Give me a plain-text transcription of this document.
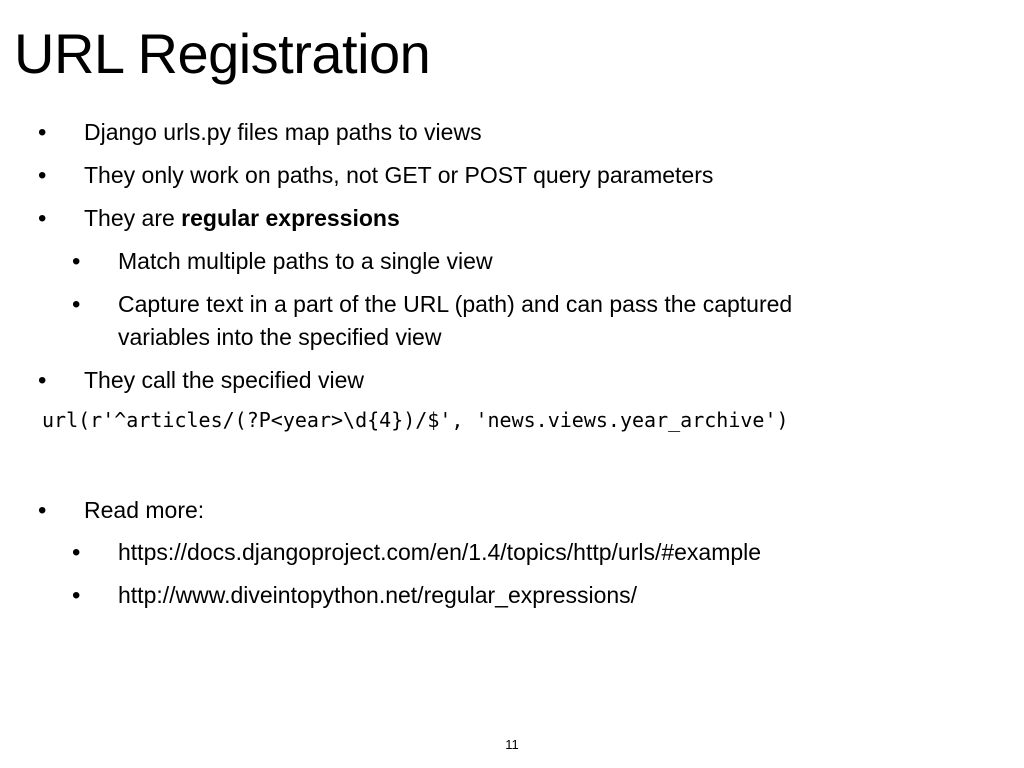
URL Registration
• Django urls.py files map paths to views
• They only work on paths, not GET or POST query parameters
• They are regular expressions
• Match multiple paths to a single view
• Capture text in a part of the URL (path) and can pass the captured
variables into the specified view
• They call the specified view
url(r'^articles/(?P<year>\d{4})/$', 'news.views.year_archive')
• Read more:
• https://docs.djangoproject.com/en/1.4/topics/http/urls/#example
• http://www.diveintopython.net/regular_expressions/
11
